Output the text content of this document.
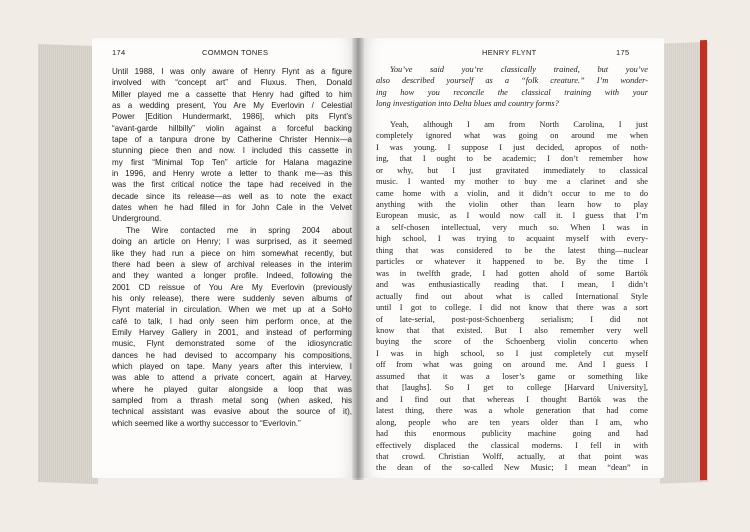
174	COMMON TONES
Until 1988, I was only aware of Henry Flynt as a figure
involved with “concept art” and Fluxus. Then, Donald
Miller played me a cassette that Henry had gifted to him
as a wedding present, You Are My Everlovin / Celestial
Power [Edition Hundermarkt, 1986], which pits Flynt’s
“avant-garde hillbilly” violin against a forceful backing
tape of a tanpura drone by Catherine Christer Hennix—a
stunning piece then and now. I included this cassette in
my first “Minimal Top Ten” article for Halana magazine
in 1996, and Henry wrote a letter to thank me—as this
was the first critical notice the tape had received in the
decade since its release—as well as to note the exact
dates when he had filled in for John Cale in the Velvet
Underground.
The Wire contacted me in spring 2004 about
doing an article on Henry; I was surprised, as it seemed
like they had run a piece on him somewhat recently, but
there had been a slew of archival releases in the interim
and they wanted a longer profile. Indeed, following the
2001 CD reissue of You Are My Everlovin (previously
his only release), there were suddenly seven albums of
Flynt material in circulation. When we met up at a SoHo
café to talk, I had only seen him perform once, at the
Emily Harvey Gallery in 2001, and instead of performing
music, Flynt demonstrated some of the idiosyncratic
dances he had devised to accompany his compositions,
which played on tape. Many years after this interview, I
was able to attend a private concert, again at Harvey,
where he played guitar alongside a loop that was
sampled from a thrash metal song (when asked, his
technical assistant was evasive about the source of it),
which seemed like a worthy successor to “Everlovin.”
HENRY FLYNT	175
You’ve said you’re classically trained, but you’ve
also described yourself as a “folk creature.” I’m wonder-
ing how you reconcile the classical training with your
long investigation into Delta blues and country forms?
Yeah, although I am from North Carolina, I just
completely ignored what was going on around me when
I was young. I suppose I just decided, apropos of noth-
ing, that I ought to be academic; I don’t remember how
or why, but I just gravitated immediately to classical
music. I wanted my mother to buy me a clarinet and she
came home with a violin, and it didn’t occur to me to do
anything with the violin other than learn how to play
European music, as I would now call it. I guess that I’m
a self-chosen intellectual, very much so. When I was in
high school, I was trying to acquaint myself with every-
thing that was considered to be the latest thing—nuclear
particles or whatever it happened to be. By the time I
was in twelfth grade, I had gotten ahold of some Bartók
and was enthusiastically reading that. I mean, I didn’t
actually find out about what is called International Style
until I got to college. I did not know that there was a sort
of late-serial, post-post-Schoenberg serialism; I did not
know that that existed. But I also remember very well
buying the score of the Schoenberg violin concerto when
I was in high school, so I just completely cut myself
off from what was going on around me. And I guess I
assumed that it was a loser’s game or something like
that [laughs]. So I get to college [Harvard University],
and I find out that whereas I thought Bartók was the
latest thing, there was a whole generation that had come
along, people who are ten years older than I am, who
had this enormous publicity machine going and had
effectively displaced the classical moderns. I fell in with
that crowd. Christian Wolff, actually, at that point was
the dean of the so-called New Music; I mean “dean” in
